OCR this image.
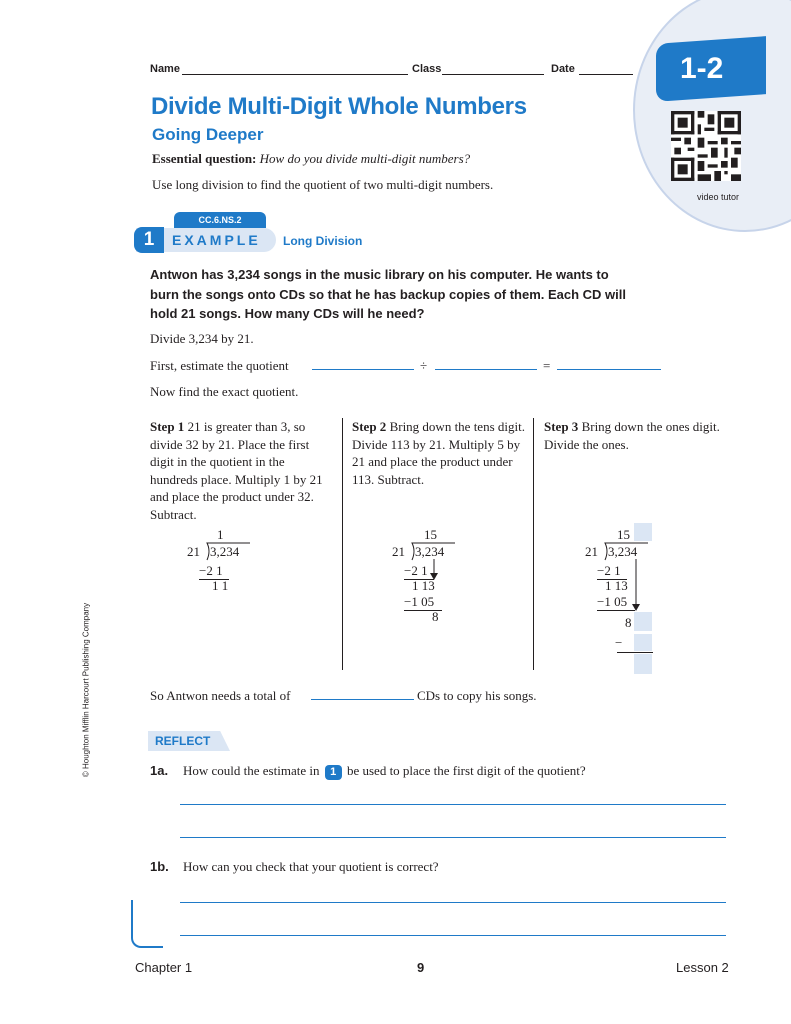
Name	Class	Date	1-2
video tutor
Divide Multi-Digit Whole Numbers
Going Deeper
Essential question: How do you divide multi-digit numbers?
Use long division to find the quotient of two multi-digit numbers.
CC.6.NS.2
1	EXAMPLE Long Division
Antwon has 3,234 songs in the music library on his computer. He wants to burn the songs onto CDs so that he has backup copies of them. Each CD will hold 21 songs. How many CDs will he need?
Divide 3,234 by 21.
First, estimate the quotient	÷	=
Now find the exact quotient.
Step 1 21 is greater than 3, so divide 32 by 21. Place the first digit in the quotient in the hundreds place. Multiply 1 by 21 and place the product under 32. Subtract.
Step 2 Bring down the tens digit. Divide 113 by 21. Multiply 5 by 21 and place the product under 113. Subtract.
Step 3 Bring down the ones digit. Divide the ones.
1
21 3,234
−2 1
1 1
15
21 3,234
−2 1
1 13
−1 05
8
15
21 3,234
−2 1
1 13
−1 05
8
−
So Antwon needs a total of	CDs to copy his songs.
REFLECT
1a. How could the estimate in 1 be used to place the first digit of the quotient?
1b. How can you check that your quotient is correct?
© Houghton Mifflin Harcourt Publishing Company
Chapter 1	9	Lesson 2
